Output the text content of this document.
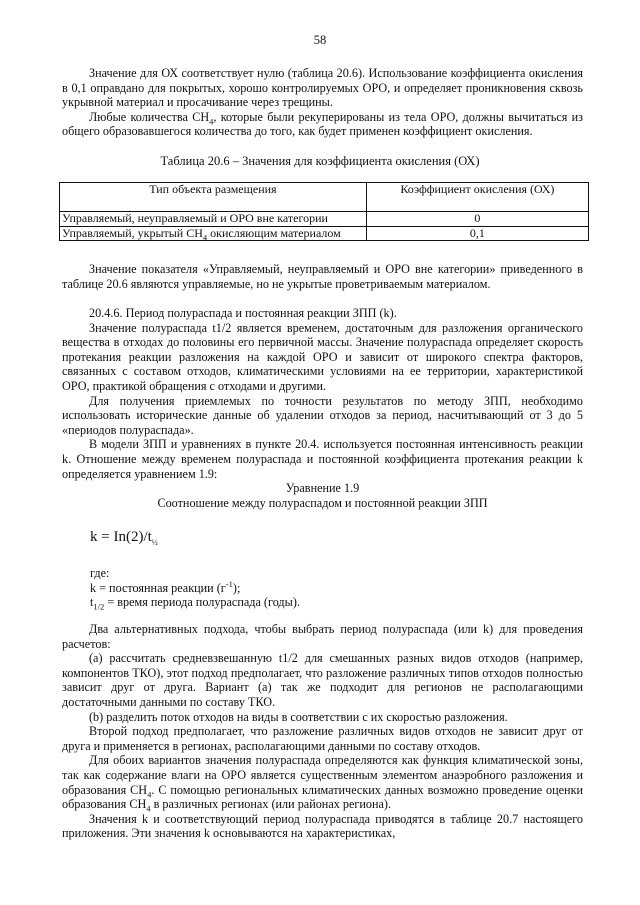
58

Значение для ОХ соответствует нулю (таблица 20.6). Использование коэффициента окисления в 0,1 оправдано для покрытых, хорошо контролируемых ОРО, и определяет проникновения сквозь укрывной материал и просачивание через трещины.

Любые количества $CH_4$, которые были рекуперированы из тела ОРО, должны вычитаться из общего образовавшегося количества до того, как будет применен коэффициент окисления.

Таблица 20.6 – Значения для коэффициента окисления (ОХ)
Тип объекта размещения	Коэффициент окисления (ОХ)
Управляемый, неуправляемый и ОРО вне категории	0
Управляемый, укрытый $CH_4$ окисляющим материалом	0,1

Значение показателя «Управляемый, неуправляемый и ОРО вне категории» приведенного в таблице 20.6 являются управляемые, но не укрытые проветриваемым материалом.

20.4.6. Период полураспада и постоянная реакции ЗПП (k).

Значение полураспада t1/2 является временем, достаточным для разложения органического вещества в отходах до половины его первичной массы. Значение полураспада определяет скорость протекания реакции разложения на каждой ОРО и зависит от широкого спектра факторов, связанных с составом отходов, климатическими условиями на ее территории, характеристикой ОРО, практикой обращения с отходами и другими.

Для получения приемлемых по точности результатов по методу ЗПП, необходимо использовать исторические данные об удалении отходов за период, насчитывающий от 3 до 5 «периодов полураспада».

В модели ЗПП и уравнениях в пункте 20.4. используется постоянная интенсивность реакции k. Отношение между временем полураспада и постоянной коэффициента протекания реакции k определяется уравнением 1.9:

Уравнение 1.9

Соотношение между полураспадом и постоянной реакции ЗПП

$k = In(2)/t_{\frac{1}{2}}$

где:

k = постоянная реакции $(г^{-1})$;

$t_{1/2}$ = время периода полураспада (годы).

Два альтернативных подхода, чтобы выбрать период полураспада (или k) для проведения расчетов:

(а) рассчитать средневзвешанную t1/2 для смешанных разных видов отходов (например, компонентов ТКО), этот подход предполагает, что разложение различных типов отходов полностью зависит друг от друга. Вариант (а) так же подходит для регионов не располагающими достаточными данными по составу ТКО.

(b) разделить поток отходов на виды в соответствии с их скоростью разложения.

Второй подход предполагает, что разложение различных видов отходов не зависит друг от друга и применяется в регионах, располагающими данными по составу отходов.

Для обоих вариантов значения полураспада определяются как функция климатической зоны, так как содержание влаги на ОРО является существенным элементом анаэробного разложения и образования $CH_4$. С помощью региональных климатических данных возможно проведение оценки образования $CH_4$ в различных регионах (или районах региона).

Значения k и соответствующий период полураспада приводятся в таблице 20.7 настоящего приложения. Эти значения k основываются на характеристиках,
